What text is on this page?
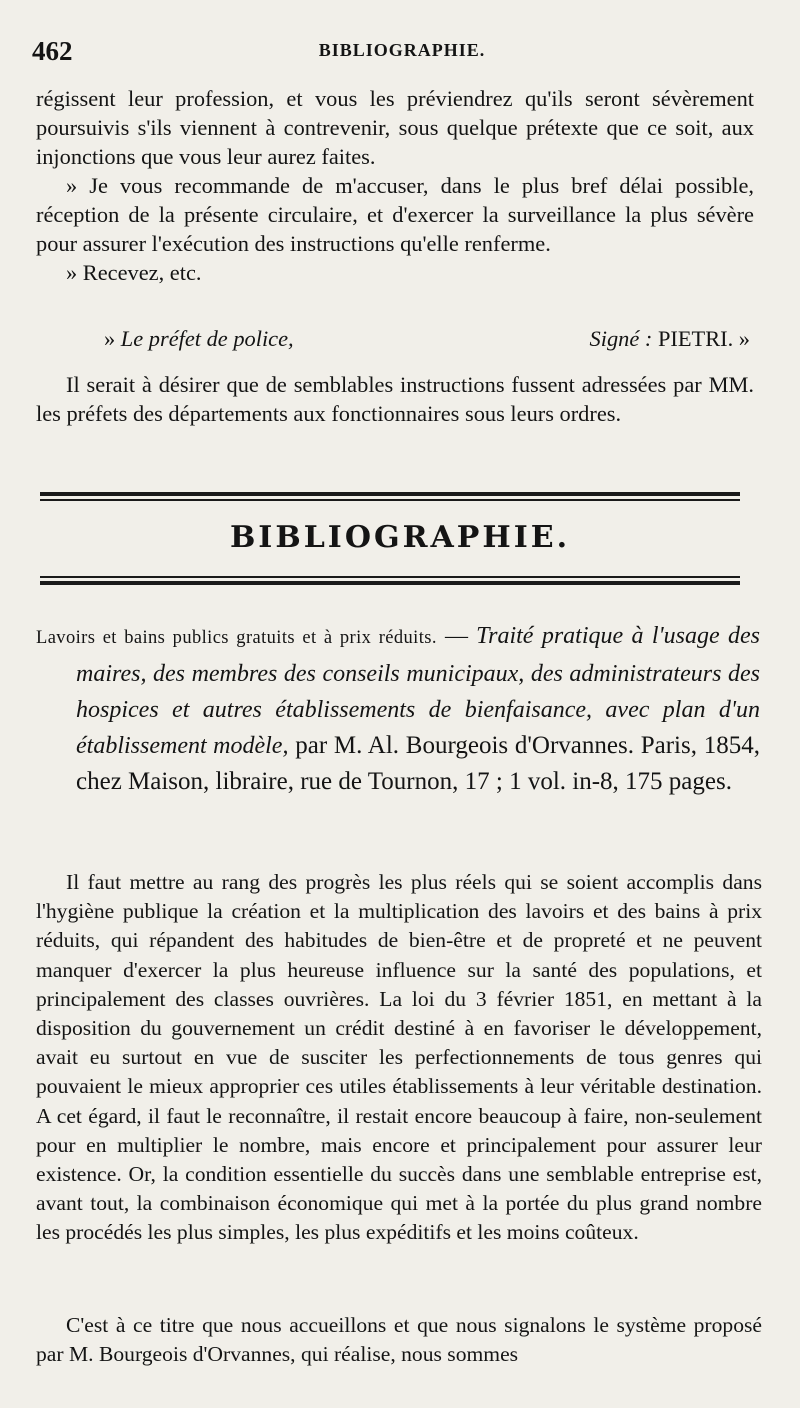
462	BIBLIOGRAPHIE.

régissent leur profession, et vous les préviendrez qu'ils seront sévèrement poursuivis s'ils viennent à contrevenir, sous quelque prétexte que ce soit, aux injonctions que vous leur aurez faites.

» Je vous recommande de m'accuser, dans le plus bref délai possible, réception de la présente circulaire, et d'exercer la surveillance la plus sévère pour assurer l'exécution des instructions qu'elle renferme.

» Recevez, etc.

» Le préfet de police,	Signé : PIETRI. »

Il serait à désirer que de semblables instructions fussent adressées par MM. les préfets des départements aux fonctionnaires sous leurs ordres.

BIBLIOGRAPHIE.

Lavoirs et bains publics gratuits et à prix réduits. — Traité pratique à l'usage des maires, des membres des conseils municipaux, des administrateurs des hospices et autres établissements de bienfaisance, avec plan d'un établissement modèle, par M. Al. Bourgeois d'Orvannes. Paris, 1854, chez Maison, libraire, rue de Tournon, 17 ; 1 vol. in-8, 175 pages.

Il faut mettre au rang des progrès les plus réels qui se soient accomplis dans l'hygiène publique la création et la multiplication des lavoirs et des bains à prix réduits, qui répandent des habitudes de bien-être et de propreté et ne peuvent manquer d'exercer la plus heureuse influence sur la santé des populations, et principalement des classes ouvrières. La loi du 3 février 1851, en mettant à la disposition du gouvernement un crédit destiné à en favoriser le développement, avait eu surtout en vue de susciter les perfectionnements de tous genres qui pouvaient le mieux approprier ces utiles établissements à leur véritable destination. A cet égard, il faut le reconnaître, il restait encore beaucoup à faire, non-seulement pour en multiplier le nombre, mais encore et principalement pour assurer leur existence. Or, la condition essentielle du succès dans une semblable entreprise est, avant tout, la combinaison économique qui met à la portée du plus grand nombre les procédés les plus simples, les plus expéditifs et les moins coûteux.

C'est à ce titre que nous accueillons et que nous signalons le système proposé par M. Bourgeois d'Orvannes, qui réalise, nous sommes
